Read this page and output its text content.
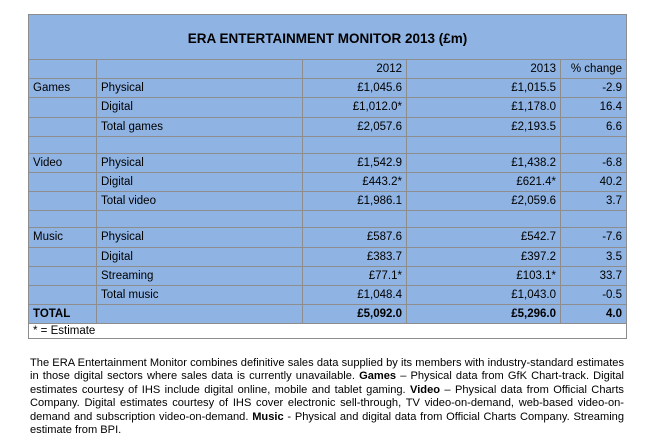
ERA ENTERTAINMENT MONITOR 2013 (£m)				
		2012	2013	% change
Games	Physical	£1,045.6	£1,015.5	-2.9
	Digital	£1,012.0*	£1,178.0	16.4
	Total games	£2,057.6	£2,193.5	6.6

Video	Physical	£1,542.9	£1,438.2	-6.8
	Digital	£443.2*	£621.4*	40.2
	Total video	£1,986.1	£2,059.6	3.7

Music	Physical	£587.6	£542.7	-7.6
	Digital	£383.7	£397.2	3.5
	Streaming	£77.1*	£103.1*	33.7
	Total music	£1,048.4	£1,043.0	-0.5
TOTAL		£5,092.0	£5,296.0	4.0
* = Estimate				
The ERA Entertainment Monitor combines definitive sales data supplied by its members with industry-standard estimates in those digital sectors where sales data is currently unavailable. Games – Physical data from GfK Chart-track. Digital estimates courtesy of IHS include digital online, mobile and tablet gaming. Video – Physical data from Official Charts Company. Digital estimates courtesy of IHS cover electronic sell-through, TV video-on-demand, web-based video-on-demand and subscription video-on-demand. Music - Physical and digital data from Official Charts Company. Streaming estimate from BPI.
